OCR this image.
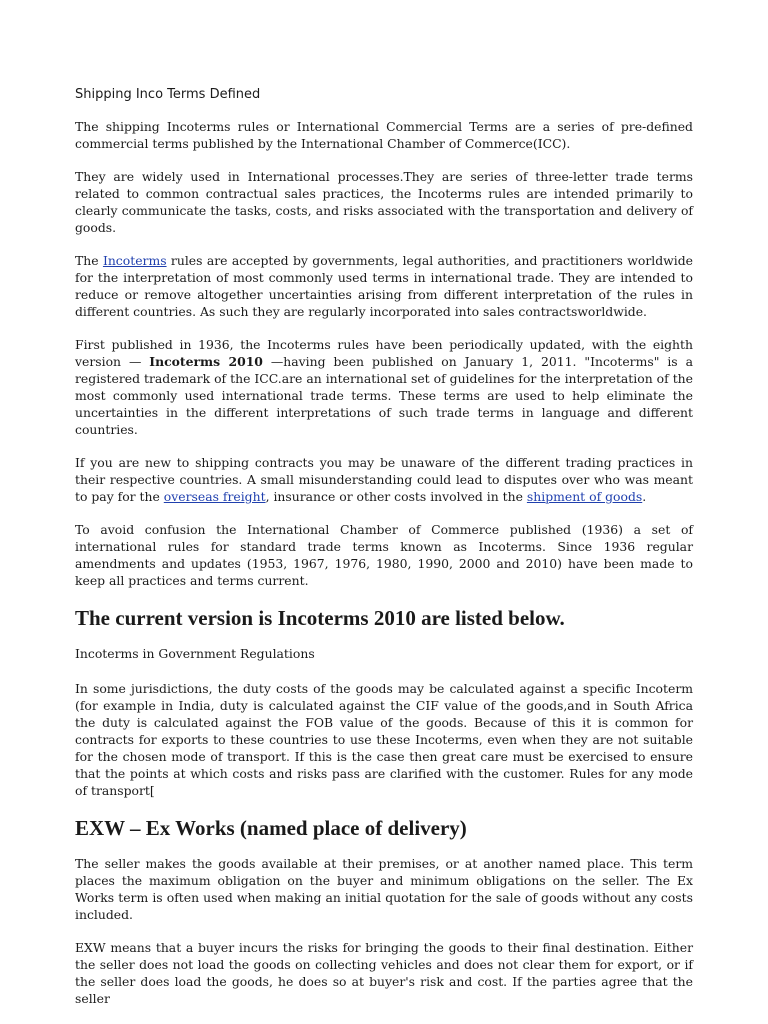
Shipping Inco Terms Defined

The shipping Incoterms rules or International Commercial Terms are a series of pre-defined commercial terms published by the International Chamber of Commerce(ICC).

They are widely used in International processes.They are series of three-letter trade terms related to common contractual sales practices, the Incoterms rules are intended primarily to clearly communicate the tasks, costs, and risks associated with the transportation and delivery of goods.

The Incoterms rules are accepted by governments, legal authorities, and practitioners worldwide for the interpretation of most commonly used terms in international trade. They are intended to reduce or remove altogether uncertainties arising from different interpretation of the rules in different countries. As such they are regularly incorporated into sales contractsworldwide.

First published in 1936, the Incoterms rules have been periodically updated, with the eighth version — Incoterms 2010 —having been published on January 1, 2011. "Incoterms" is a registered trademark of the ICC.are an international set of guidelines for the interpretation of the most commonly used international trade terms. These terms are used to help eliminate the uncertainties in the different interpretations of such trade terms in language and different countries.

If you are new to shipping contracts you may be unaware of the different trading practices in their respective countries. A small misunderstanding could lead to disputes over who was meant to pay for the overseas freight, insurance or other costs involved in the shipment of goods.

To avoid confusion the International Chamber of Commerce published (1936) a set of international rules for standard trade terms known as Incoterms. Since 1936 regular amendments and updates (1953, 1967, 1976, 1980, 1990, 2000 and 2010) have been made to keep all practices and terms current.

The current version is Incoterms 2010 are listed below.

Incoterms in Government Regulations

In some jurisdictions, the duty costs of the goods may be calculated against a specific Incoterm (for example in India, duty is calculated against the CIF value of the goods,and in South Africa the duty is calculated against the FOB value of the goods. Because of this it is common for contracts for exports to these countries to use these Incoterms, even when they are not suitable for the chosen mode of transport. If this is the case then great care must be exercised to ensure that the points at which costs and risks pass are clarified with the customer. Rules for any mode of transport[

EXW – Ex Works (named place of delivery)

The seller makes the goods available at their premises, or at another named place. This term places the maximum obligation on the buyer and minimum obligations on the seller. The Ex Works term is often used when making an initial quotation for the sale of goods without any costs included.

EXW means that a buyer incurs the risks for bringing the goods to their final destination. Either the seller does not load the goods on collecting vehicles and does not clear them for export, or if the seller does load the goods, he does so at buyer's risk and cost. If the parties agree that the seller
